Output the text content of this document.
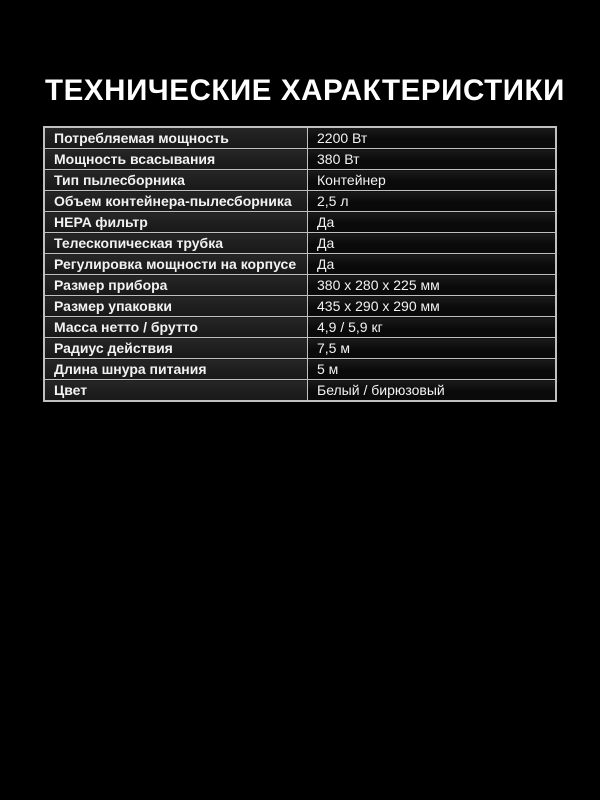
ТЕХНИЧЕСКИЕ ХАРАКТЕРИСТИКИ
Потребляемая мощность	2200 Вт
Мощность всасывания	380 Вт
Тип пылесборника	Контейнер
Объем контейнера-пылесборника	2,5 л
HEPA фильтр	Да
Телескопическая трубка	Да
Регулировка мощности на корпусе	Да
Размер прибора	380 х 280 х 225 мм
Размер упаковки	435 х 290 х 290 мм
Масса нетто / брутто	4,9 / 5,9 кг
Радиус действия	7,5 м
Длина шнура питания	5 м
Цвет	Белый / бирюзовый
